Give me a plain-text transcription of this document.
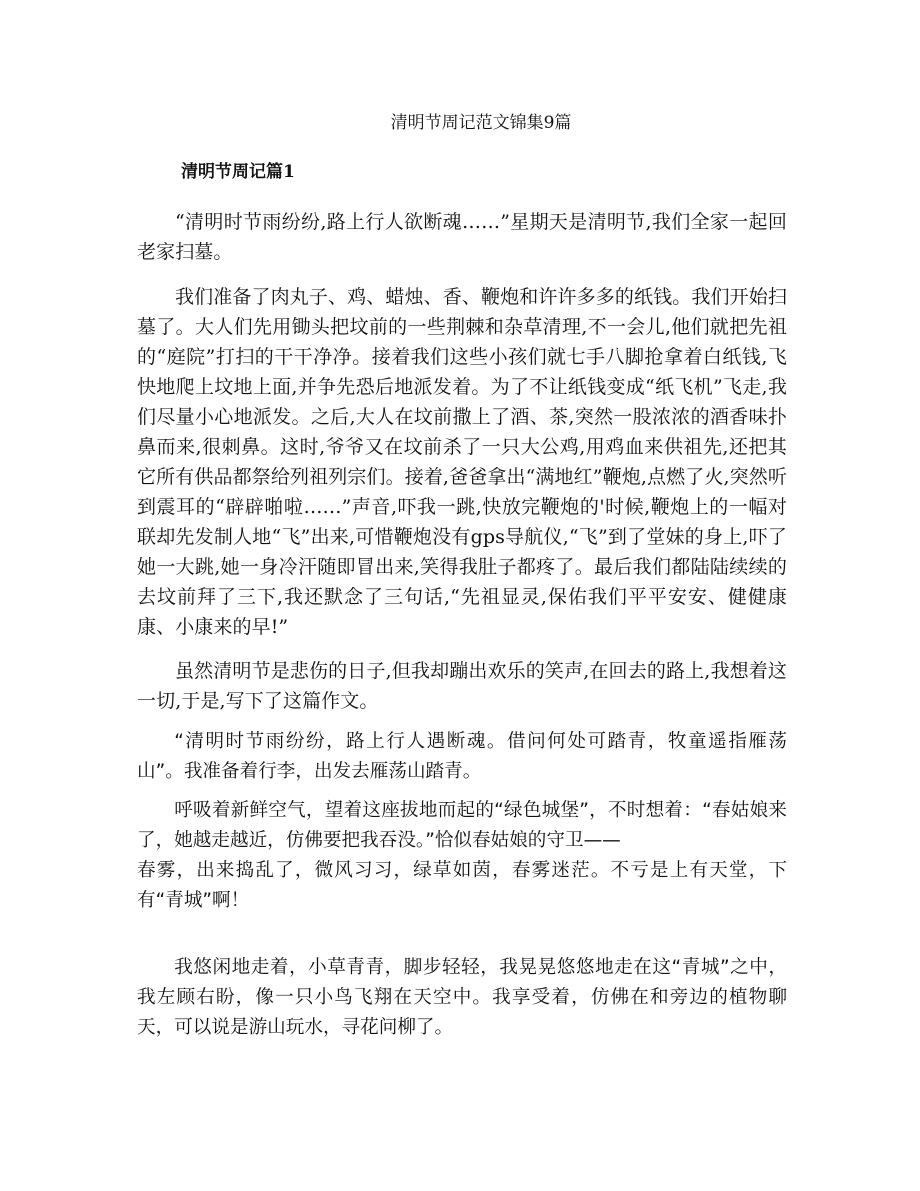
清明节周记范文锦集9篇
清明节周记篇1

“清明时节雨纷纷,路上行人欲断魂……”星期天是清明节,我们全家一起回老家扫墓。

我们准备了肉丸子、鸡、蜡烛、香、鞭炮和许许多多的纸钱。我们开始扫墓了。大人们先用锄头把坟前的一些荆棘和杂草清理,不一会儿,他们就把先祖的“庭院”打扫的干干净净。接着我们这些小孩们就七手八脚抢拿着白纸钱,飞快地爬上坟地上面,并争先恐后地派发着。为了不让纸钱变成“纸飞机”飞走,我们尽量小心地派发。之后,大人在坟前撒上了酒、茶,突然一股浓浓的酒香味扑鼻而来,很刺鼻。这时,爷爷又在坟前杀了一只大公鸡,用鸡血来供祖先,还把其它所有供品都祭给列祖列宗们。接着,爸爸拿出“满地红”鞭炮,点燃了火,突然听到震耳的“辟辟啪啦……”声音,吓我一跳,快放完鞭炮的'时候,鞭炮上的一幅对联却先发制人地“飞”出来,可惜鞭炮没有gps导航仪,“飞”到了堂妹的身上,吓了她一大跳,她一身冷汗随即冒出来,笑得我肚子都疼了。最后我们都陆陆续续的去坟前拜了三下,我还默念了三句话,“先祖显灵,保佑我们平平安安、健健康康、小康来的早!”

虽然清明节是悲伤的日子,但我却蹦出欢乐的笑声,在回去的路上,我想着这一切,于是,写下了这篇作文。

“清明时节雨纷纷，路上行人遇断魂。借问何处可踏青，牧童遥指雁荡山”。我准备着行李，出发去雁荡山踏青。

呼吸着新鲜空气，望着这座拔地而起的“绿色城堡”，不时想着：“春姑娘来了，她越走越近，仿佛要把我吞没。”恰似春姑娘的守卫——

春雾，出来捣乱了，微风习习，绿草如茵，春雾迷茫。不亏是上有天堂，下有“青城”啊！

我悠闲地走着，小草青青，脚步轻轻，我晃晃悠悠地走在这“青城”之中，我左顾右盼，像一只小鸟飞翔在天空中。我享受着，仿佛在和旁边的植物聊天，可以说是游山玩水，寻花问柳了。
